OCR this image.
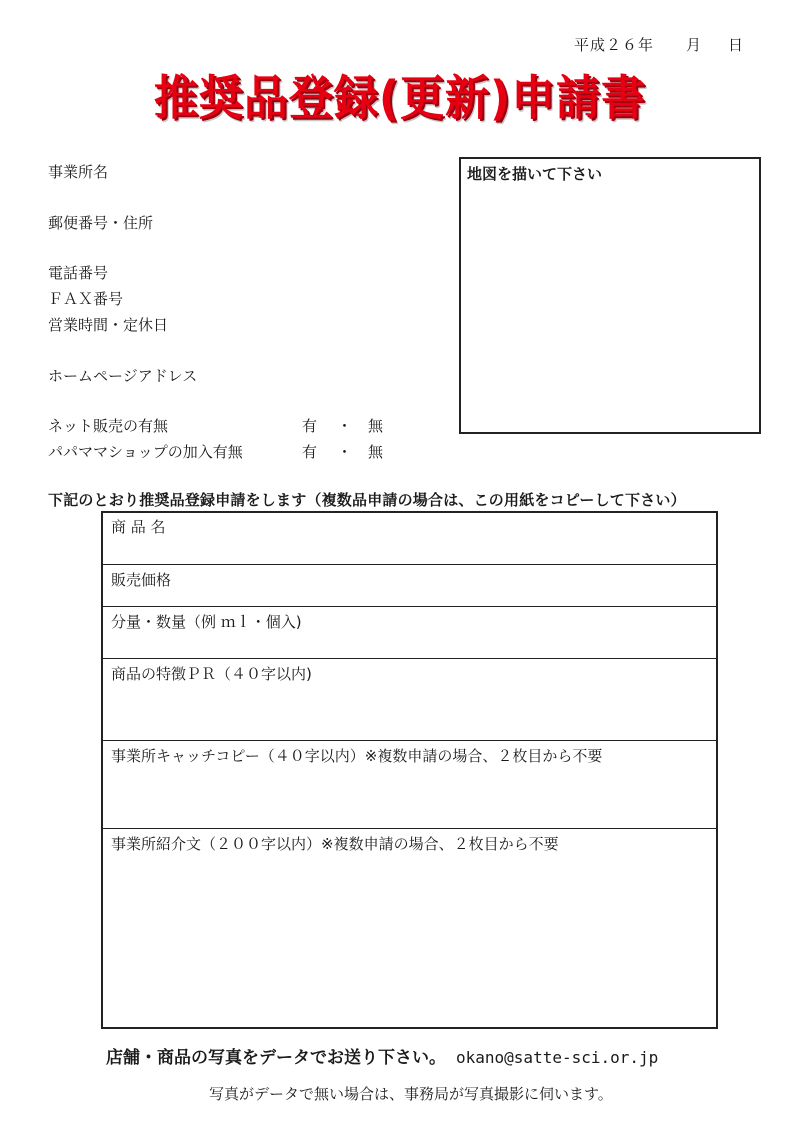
平成２６年 月 日
推奨品登録(更新)申請書
事業所名
郵便番号・住所
電話番号
ＦＡＸ番号
営業時間・定休日
ホームページアドレス
ネット販売の有無
パパママショップの加入有無
有 ・ 無
有 ・ 無
地図を描いて下さい
下記のとおり推奨品登録申請をします（複数品申請の場合は、この用紙をコピーして下さい）
商 品 名
販売価格
分量・数量（例 ｍｌ・個入)
商品の特徴ＰＲ（４０字以内)
事業所キャッチコピー（４０字以内）※複数申請の場合、２枚目から不要
事業所紹介文（２００字以内）※複数申請の場合、２枚目から不要
店舗・商品の写真をデータでお送り下さい。 okano@satte-sci.or.jp
写真がデータで無い場合は、事務局が写真撮影に伺います。
